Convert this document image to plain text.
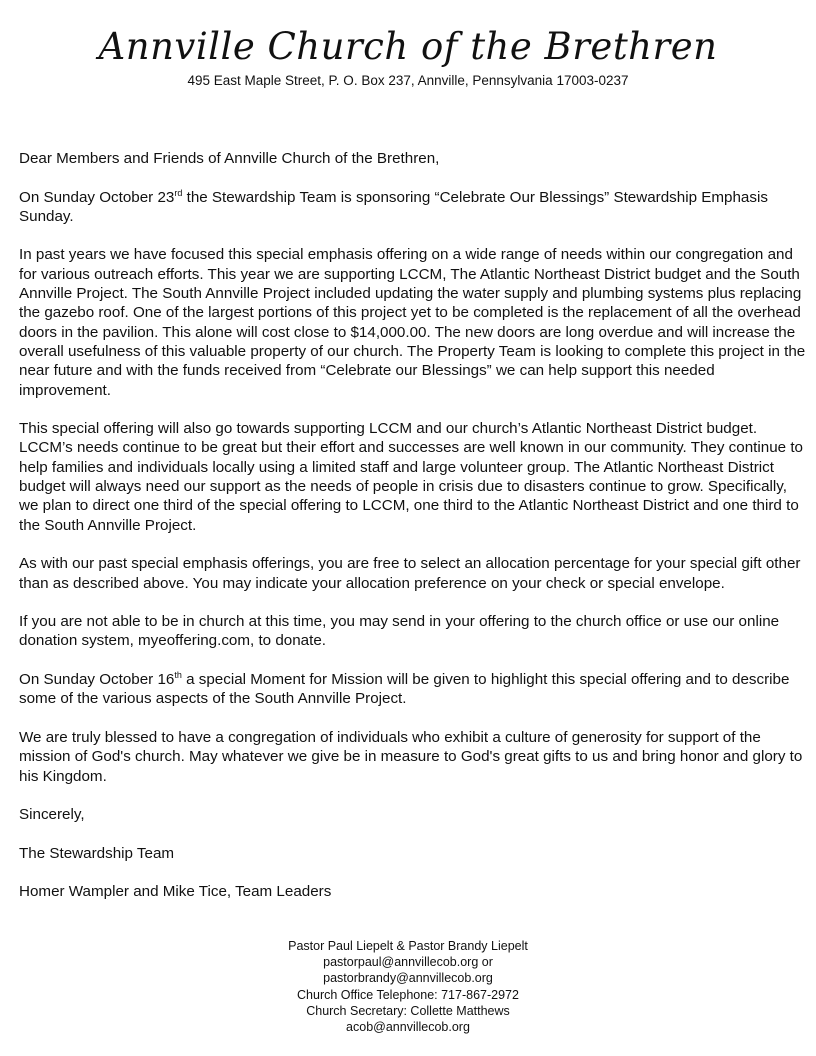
Annville Church of the Brethren
495 East Maple Street, P. O. Box 237, Annville, Pennsylvania 17003-0237

Dear Members and Friends of Annville Church of the Brethren,

On Sunday October 23rd the Stewardship Team is sponsoring “Celebrate Our Blessings” Stewardship Emphasis Sunday.

In past years we have focused this special emphasis offering on a wide range of needs within our congregation and for various outreach efforts. This year we are supporting LCCM, The Atlantic Northeast District budget and the South Annville Project. The South Annville Project included updating the water supply and plumbing systems plus replacing the gazebo roof. One of the largest portions of this project yet to be completed is the replacement of all the overhead doors in the pavilion. This alone will cost close to $14,000.00. The new doors are long overdue and will increase the overall usefulness of this valuable property of our church. The Property Team is looking to complete this project in the near future and with the funds received from “Celebrate our Blessings” we can help support this needed improvement.

This special offering will also go towards supporting LCCM and our church’s Atlantic Northeast District budget. LCCM’s needs continue to be great but their effort and successes are well known in our community. They continue to help families and individuals locally using a limited staff and large volunteer group. The Atlantic Northeast District budget will always need our support as the needs of people in crisis due to disasters continue to grow. Specifically, we plan to direct one third of the special offering to LCCM, one third to the Atlantic Northeast District and one third to the South Annville Project.

As with our past special emphasis offerings, you are free to select an allocation percentage for your special gift other than as described above. You may indicate your allocation preference on your check or special envelope.

If you are not able to be in church at this time, you may send in your offering to the church office or use our online donation system, myeoffering.com, to donate.

On Sunday October 16th a special Moment for Mission will be given to highlight this special offering and to describe some of the various aspects of the South Annville Project.

We are truly blessed to have a congregation of individuals who exhibit a culture of generosity for support of the mission of God's church. May whatever we give be in measure to God's great gifts to us and bring honor and glory to his Kingdom.

Sincerely,

The Stewardship Team

Homer Wampler and Mike Tice, Team Leaders

Pastor Paul Liepelt & Pastor Brandy Liepelt
pastorpaul@annvillecob.org or
pastorbrandy@annvillecob.org
Church Office Telephone: 717-867-2972
Church Secretary: Collette Matthews
acob@annvillecob.org
